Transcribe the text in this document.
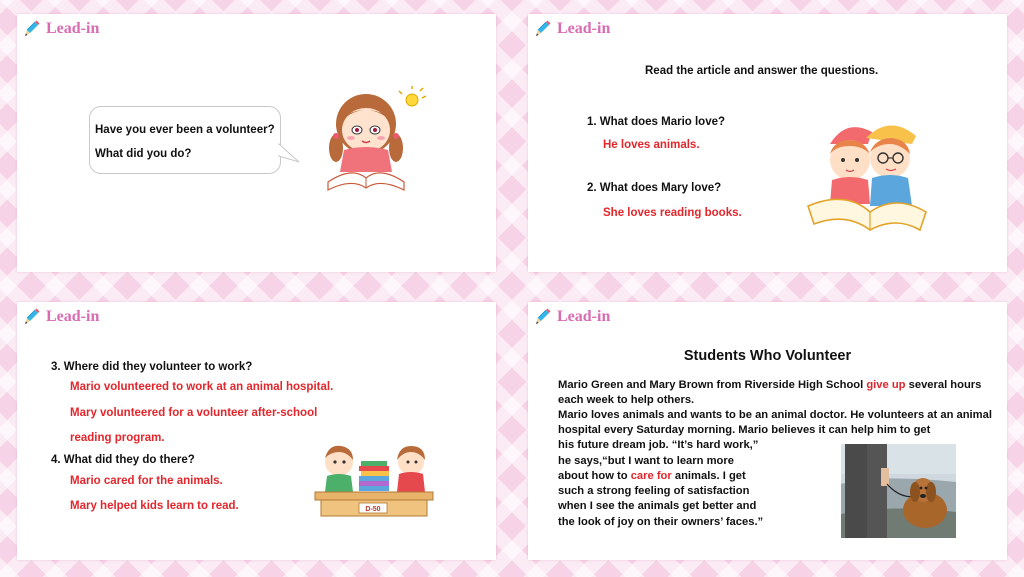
Lead-in
Have you ever been a volunteer?
What did you do?
Lead-in
Read the article and answer the questions.
1. What does Mario love?
He loves animals.
2. What does Mary love?
She loves reading books.
Lead-in
3. Where did they volunteer to work?
Mario volunteered to work at an animal hospital.
Mary volunteered for a volunteer after-school
reading program.
4. What did they do there?
Mario cared for the animals.
Mary helped kids learn to read.	D-50
Lead-in
Students Who Volunteer
Mario Green and Mary Brown from Riverside High School give up several hours
each week to help others.
Mario loves animals and wants to be an animal doctor. He volunteers at an animal
hospital every Saturday morning. Mario believes it can help him to get
his future dream job. “It’s hard work,”
he says,“but I want to learn more
about how to care for animals. I get
such a strong feeling of satisfaction
when I see the animals get better and
the look of joy on their owners’ faces.”
